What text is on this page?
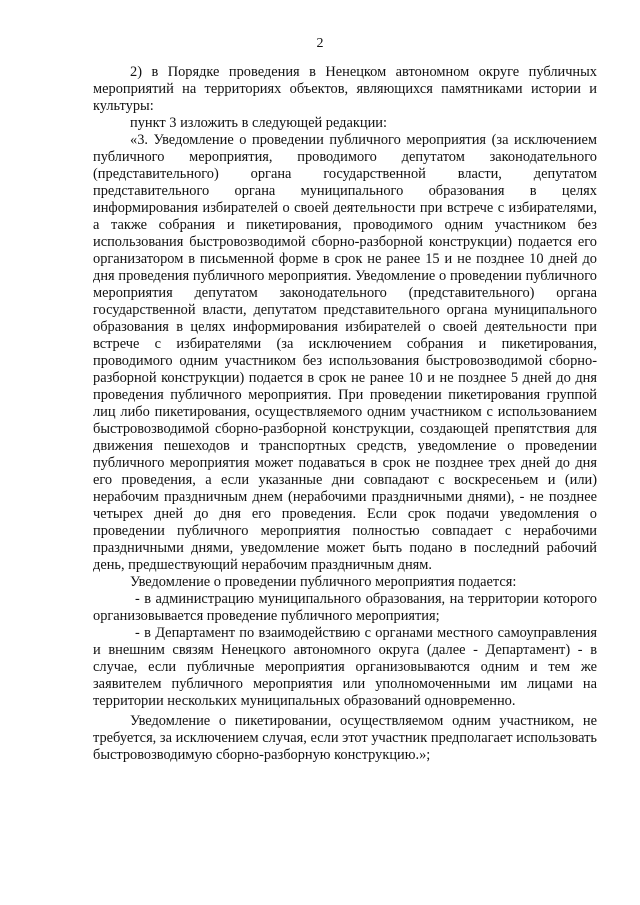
2

2) в Порядке проведения в Ненецком автономном округе публичных мероприятий на территориях объектов, являющихся памятниками истории и культуры:

пункт 3 изложить в следующей редакции:

«3. Уведомление о проведении публичного мероприятия (за исключением публичного мероприятия, проводимого депутатом законодательного (представительного) органа государственной власти, депутатом представительного органа муниципального образования в целях информирования избирателей о своей деятельности при встрече с избирателями, а также собрания и пикетирования, проводимого одним участником без использования быстровозводимой сборно-разборной конструкции) подается его организатором в письменной форме в срок не ранее 15 и не позднее 10 дней до дня проведения публичного мероприятия. Уведомление о проведении публичного мероприятия депутатом законодательного (представительного) органа государственной власти, депутатом представительного органа муниципального образования в целях информирования избирателей о своей деятельности при встрече с избирателями (за исключением собрания и пикетирования, проводимого одним участником без использования быстровозводимой сборно-разборной конструкции) подается в срок не ранее 10 и не позднее 5 дней до дня проведения публичного мероприятия. При проведении пикетирования группой лиц либо пикетирования, осуществляемого одним участником с использованием быстровозводимой сборно-разборной конструкции, создающей препятствия для движения пешеходов и транспортных средств, уведомление о проведении публичного мероприятия может подаваться в срок не позднее трех дней до дня его проведения, а если указанные дни совпадают с воскресеньем и (или) нерабочим праздничным днем (нерабочими праздничными днями), - не позднее четырех дней до дня его проведения. Если срок подачи уведомления о проведении публичного мероприятия полностью совпадает с нерабочими праздничными днями, уведомление может быть подано в последний рабочий день, предшествующий нерабочим праздничным дням.

Уведомление о проведении публичного мероприятия подается:

- в администрацию муниципального образования, на территории которого организовывается проведение публичного мероприятия;

- в Департамент по взаимодействию с органами местного самоуправления и внешним связям Ненецкого автономного округа (далее - Департамент) - в случае, если публичные мероприятия организовываются одним и тем же заявителем публичного мероприятия или уполномоченными им лицами на территории нескольких муниципальных образований одновременно.

Уведомление о пикетировании, осуществляемом одним участником, не требуется, за исключением случая, если этот участник предполагает использовать быстровозводимую сборно-разборную конструкцию.»;
